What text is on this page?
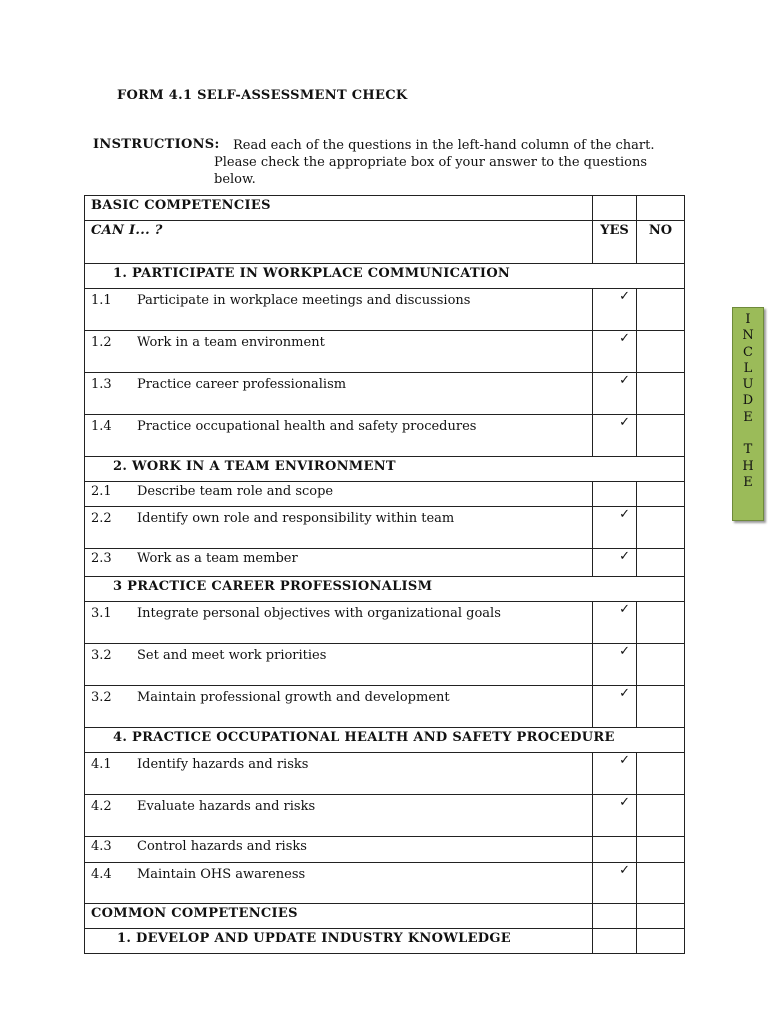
FORM 4.1 SELF-ASSESSMENT CHECK
INSTRUCTIONS:	Read each of the questions in the left-hand column of the chart.
Please check the appropriate box of your answer to the questions
below.
BASIC COMPETENCIES		
CAN I... ?	YES	NO
1. PARTICIPATE IN WORKPLACE COMMUNICATION		
1.1 Participate in workplace meetings and discussions	✓	

1.2 Work in a team environment	✓	

1.3 Practice career professionalism	✓	

1.4 Practice occupational health and safety procedures	✓	

2. WORK IN A TEAM ENVIRONMENT		
2.1 Describe team role and scope		
2.2 Identify own role and responsibility within team	✓	

2.3 Work as a team member	✓	

3 PRACTICE CAREER PROFESSIONALISM		
3.1 Integrate personal objectives with organizational goals	✓	

3.2 Set and meet work priorities	✓	

3.2 Maintain professional growth and development	✓	

4. PRACTICE OCCUPATIONAL HEALTH AND SAFETY PROCEDURE		
4.1 Identify hazards and risks	✓	

4.2 Evaluate hazards and risks	✓	

4.3 Control hazards and risks		
4.4 Maintain OHS awareness	✓	

COMMON COMPETENCIES		
1. DEVELOP AND UPDATE INDUSTRY KNOWLEDGE		
I
N
C
L
U
D
E
T
H
E
